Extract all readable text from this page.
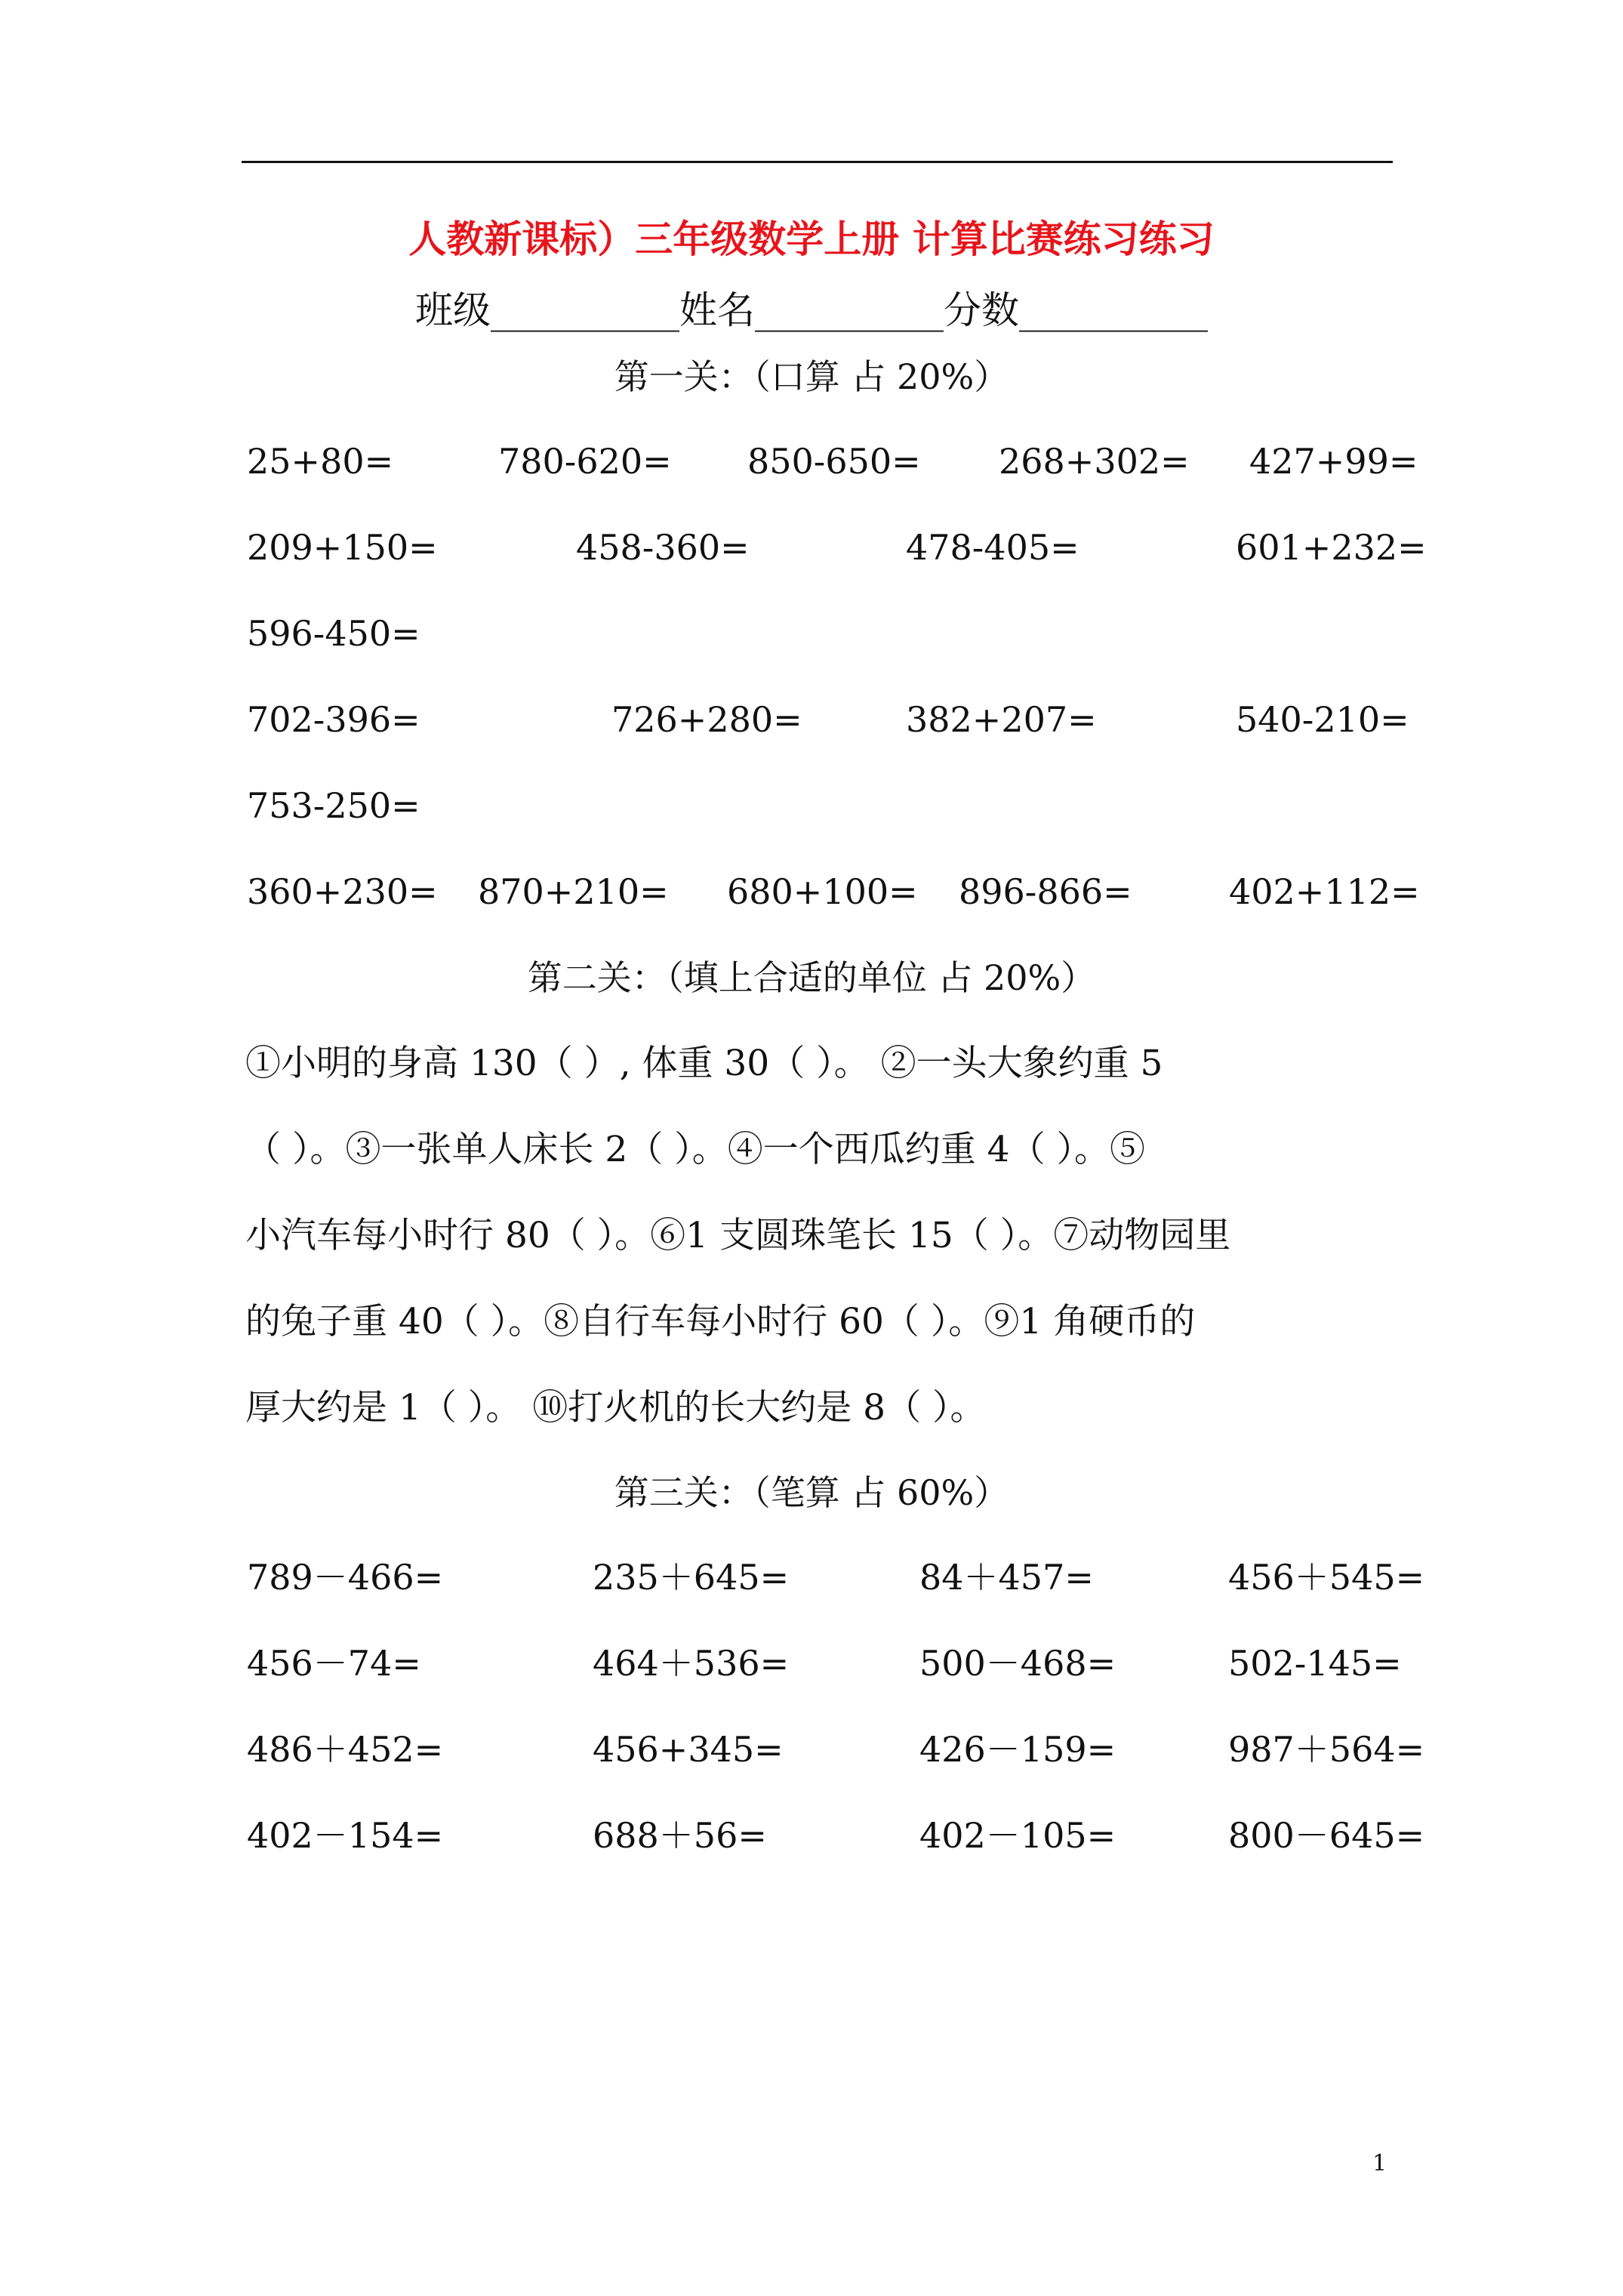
人教新课标）三年级数学上册 计算比赛练习练习
班级__________姓名__________分数__________
第一关：（口算 占 20%）
25+80=	780-620= 850-650= 268+302= 427+99=
209+150=	458-360=	478-405=	601+232=
596-450=
702-396=	726+280=	382+207=	540-210=
753-250=
360+230= 870+210= 680+100= 896-866=	402+112=
第二关：（填上合适的单位 占 20%）
①小明的身高 130（ ）, 体重 30（ ）。 ②一头大象约重 5
（ ）。③一张单人床长 2（ ）。④一个西瓜约重 4（ ）。⑤
小汽车每小时行 80（ ）。⑥1 支圆珠笔长 15（ ）。⑦动物园里
的兔子重 40（ ）。⑧自行车每小时行 60（ ）。⑨1 角硬币的
厚大约是 1（ ）。 ⑩打火机的长大约是 8（ ）。
第三关：（笔算 占 60%）
789－466=	235＋645=	84＋457=	456＋545=
456－74=	464＋536=	500－468=	502-145=
486＋452=	456+345=	426－159=	987＋564=
402－154=	688＋56=	402－105=	800－645=
1
